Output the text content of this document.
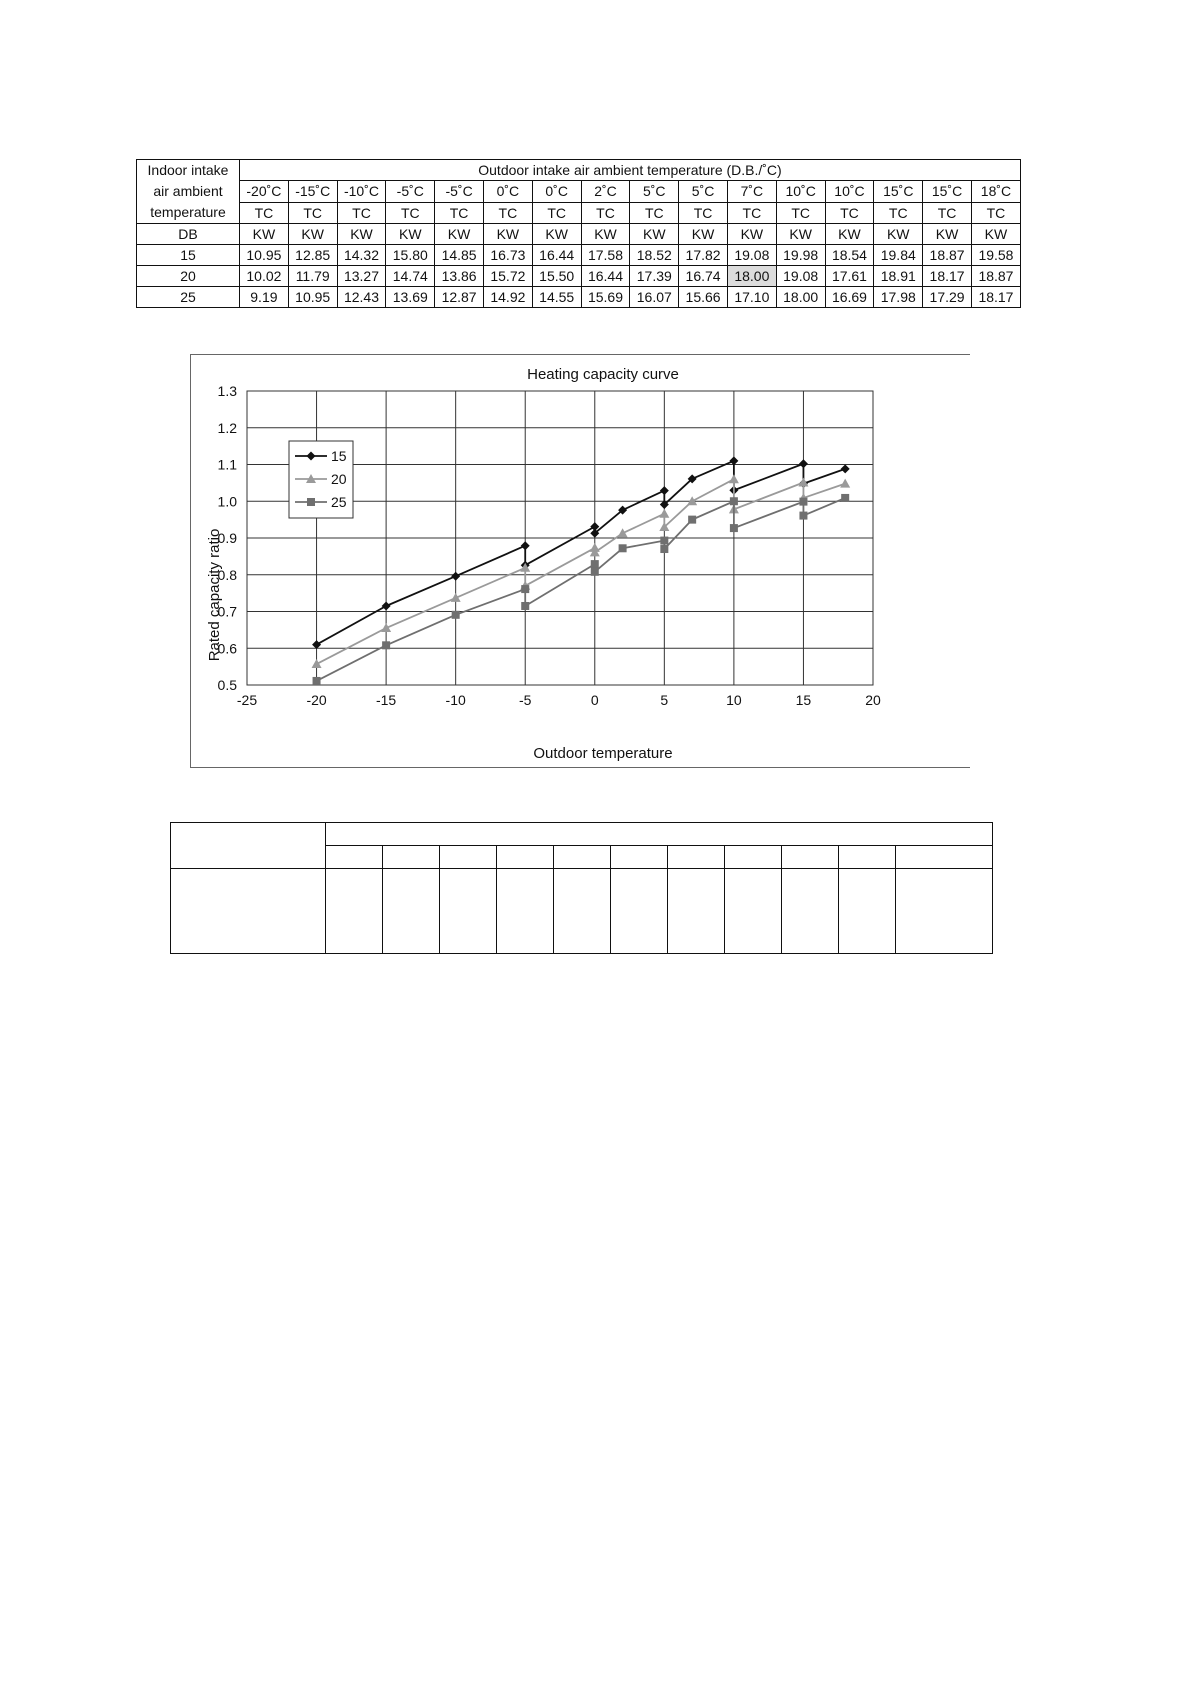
Indoor intake
air ambient
temperature	Outdoor intake air ambient temperature (D.B./˚C)															
	-20˚C	-15˚C	-10˚C	-5˚C	-5˚C	0˚C	0˚C	2˚C	5˚C	5˚C	7˚C	10˚C	10˚C	15˚C	15˚C	18˚C
	TC	TC	TC	TC	TC	TC	TC	TC	TC	TC	TC	TC	TC	TC	TC	TC
DB	KW	KW	KW	KW	KW	KW	KW	KW	KW	KW	KW	KW	KW	KW	KW	KW
15	10.95	12.85	14.32	15.80	14.85	16.73	16.44	17.58	18.52	17.82	19.08	19.98	18.54	19.84	18.87	19.58
20	10.02	11.79	13.27	14.74	13.86	15.72	15.50	16.44	17.39	16.74	18.00	19.08	17.61	18.91	18.17	18.87
25	9.19	10.95	12.43	13.69	12.87	14.92	14.55	15.69	16.07	15.66	17.10	18.00	16.69	17.98	17.29	18.17
0.5
0.6
0.7
0.8
0.9
1.0
1.1
1.2
1.3
-25	-20	-15	-10	-5	0	5	10	15	20
15
20
25
Heating capacity curve
Outdoor temperature
Rated capacity ratio
